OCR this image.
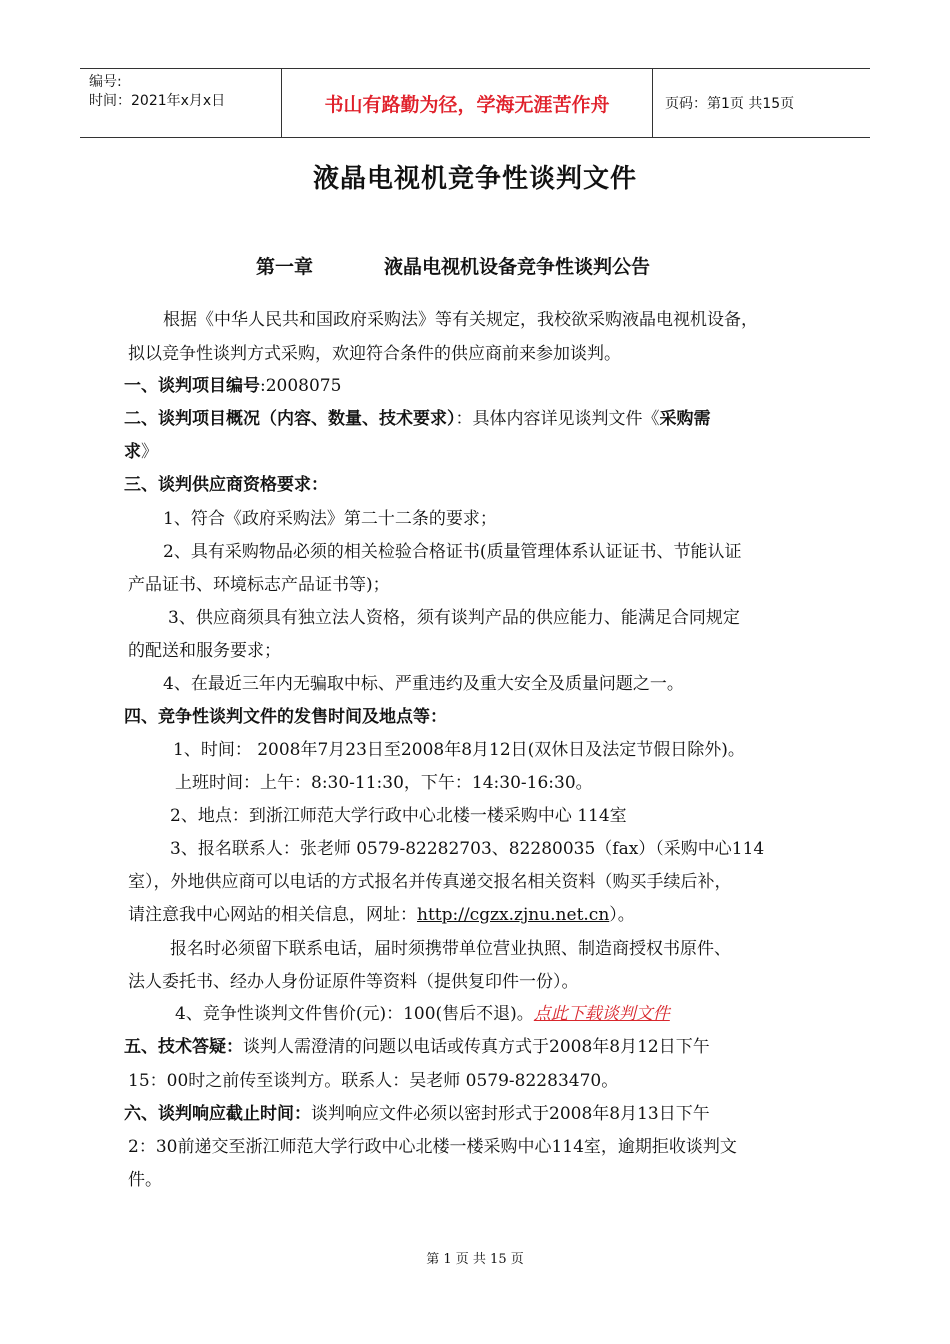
编号:
时间：2021年x月x日	书山有路勤为径，学海无涯苦作舟	页码：第1页 共15页
液晶电视机竞争性谈判文件
第一章	液晶电视机设备竞争性谈判公告
根据《中华人民共和国政府采购法》等有关规定，我校欲采购液晶电视机设备，
拟以竞争性谈判方式采购，欢迎符合条件的供应商前来参加谈判。
一、谈判项目编号:2008075
二、谈判项目概况（内容、数量、技术要求）：具体内容详见谈判文件《采购需
求》
三、谈判供应商资格要求：
1、符合《政府采购法》第二十二条的要求；
2、具有采购物品必须的相关检验合格证书(质量管理体系认证证书、节能认证
产品证书、环境标志产品证书等)；
3、供应商须具有独立法人资格，须有谈判产品的供应能力、能满足合同规定
的配送和服务要求；
4、在最近三年内无骗取中标、严重违约及重大安全及质量问题之一。
四、竞争性谈判文件的发售时间及地点等：
1、时间： 2008年7月23日至2008年8月12日(双休日及法定节假日除外)。
上班时间：上午：8:30-11:30，下午：14:30-16:30。
2、地点：到浙江师范大学行政中心北楼一楼采购中心 114室
3、报名联系人：张老师 0579-82282703、82280035（fax）（采购中心114
室），外地供应商可以电话的方式报名并传真递交报名相关资料（购买手续后补，
请注意我中心网站的相关信息，网址：http://cgzx.zjnu.net.cn）。
报名时必须留下联系电话，届时须携带单位营业执照、制造商授权书原件、
法人委托书、经办人身份证原件等资料（提供复印件一份）。
4、竞争性谈判文件售价(元)：100(售后不退)。点此下载谈判文件
五、技术答疑：谈判人需澄清的问题以电话或传真方式于2008年8月12日下午
15：00时之前传至谈判方。联系人：吴老师 0579-82283470。
六、谈判响应截止时间：谈判响应文件必须以密封形式于2008年8月13日下午
2：30前递交至浙江师范大学行政中心北楼一楼采购中心114室，逾期拒收谈判文
件。
第 1 页 共 15 页
